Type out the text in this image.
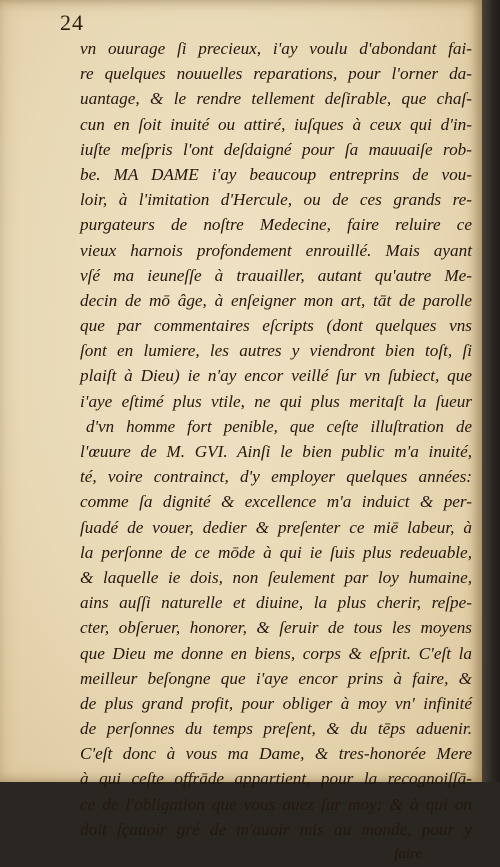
24
vn ouurage ſi precieux, i'ay voulu d'abondant fai-
re quelques nouuelles reparations, pour l'orner da-
uantage, & le rendre tellement deſirable, que chaſ-
cun en ſoit inuité ou attiré, iuſques à ceux qui d'in-
iuſte meſpris l'ont deſdaigné pour ſa mauuaiſe rob-
be. MA DAME i'ay beaucoup entreprins de vou-
loir, à l'imitation d'Hercule, ou de ces grands re-
purgateurs de noſtre Medecine, faire reluire ce
vieux harnois profondement enrouillé. Mais ayant
vſé ma ieuneſſe à trauailler, autant qu'autre Me-
decin de mō âge, à enſeigner mon art, tāt de parolle
que par commentaires eſcripts (dont quelques vns
ſont en lumiere, les autres y viendront bien toſt, ſi
plaiſt à Dieu) ie n'ay encor veillé ſur vn ſubiect, que
i'aye eſtimé plus vtile, ne qui plus meritaſt la ſueur
d'vn homme fort penible, que ceſte illuſtration de
l'œuure de M. GVI. Ainſi le bien public m'a inuité,
té, voire contrainct, d'y employer quelques années:
comme ſa dignité & excellence m'a induict & per-
ſuadé de vouer, dedier & preſenter ce miē labeur, à
la perſonne de ce mōde à qui ie ſuis plus redeuable,
& laquelle ie dois, non ſeulement par loy humaine,
ains auſſi naturelle et diuine, la plus cherir, reſpe-
cter, obſeruer, honorer, & ſeruir de tous les moyens
que Dieu me donne en biens, corps & eſprit. C'eſt la
meilleur beſongne que i'aye encor prins à faire, &
de plus grand profit, pour obliger à moy vn' infinité
de perſonnes du temps preſent, & du tēps aduenir.
C'eſt donc à vous ma Dame, & tres-honorée Mere
à qui ceſte offrāde appartient, pour la recognoiſſā-
ce de l'obligation que vous auez ſur moy: & à qui on
doit ſçauoir gré de m'auoir mis au monde, pour y
faire
